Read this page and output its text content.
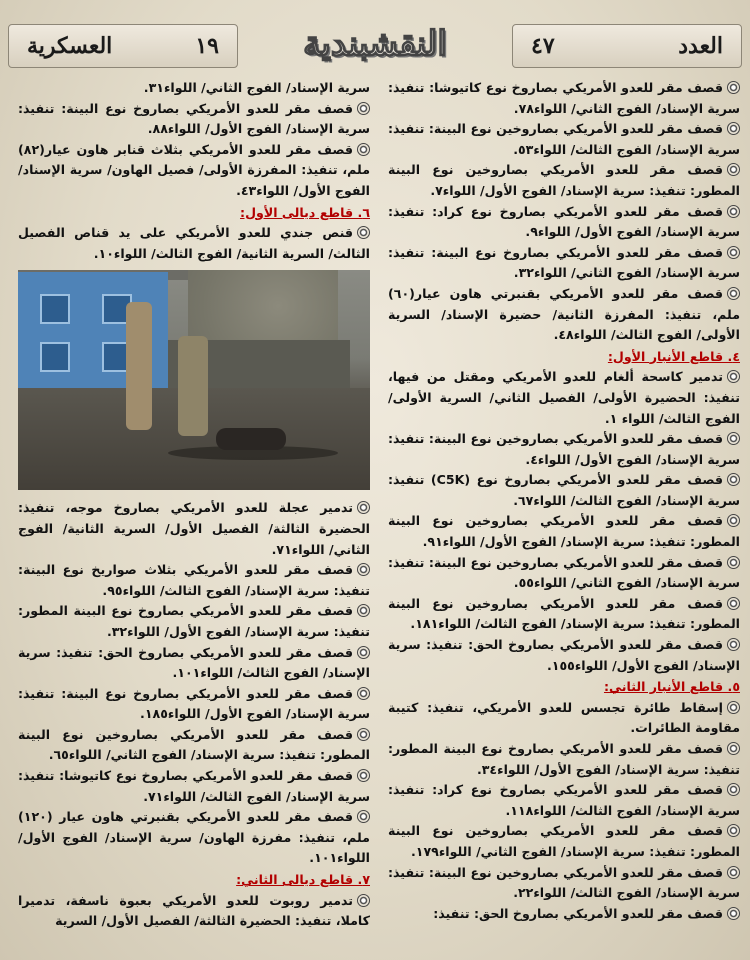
العسكرية	١٩ النقشبندية	٤٧	العدد
قصف مقر للعدو الأمريكي بصاروخ نوع كاتيوشا: تنفيذ: سرية الإسناد/ الفوج الثاني/ اللواء٧٨.
قصف مقر للعدو الأمريكي بصاروخين نوع البينة: تنفيذ: سرية الإسناد/ الفوج الثالث/ اللواء٥٣.
قصف مقر للعدو الأمريكي بصاروخين نوع البينة المطور: تنفيذ: سرية الإسناد/ الفوج الأول/ اللواء٧.
قصف مقر للعدو الأمريكي بصاروخ نوع كراد: تنفيذ: سرية الإسناد/ الفوج الأول/ اللواء٩.
قصف مقر للعدو الأمريكي بصاروخ نوع البينة: تنفيذ: سرية الإسناد/ الفوج الثاني/ اللواء٣٢.
قصف مقر للعدو الأمريكي بقنبرتي هاون عيار(٦٠) ملم، تنفيذ: المفرزة الثانية/ حضيرة الإسناد/ السرية الأولى/ الفوج الثالث/ اللواء٤٨.
٤. قاطع الأنبار الأول:
تدمير كاسحة ألغام للعدو الأمريكي ومقتل من فيها، تنفيذ: الحضيرة الأولى/ الفصيل الثاني/ السرية الأولى/ الفوج الثالث/ اللواء ١.
قصف مقر للعدو الأمريكي بصاروخين نوع البينة: تنفيذ: سرية الإسناد/ الفوج الأول/ اللواء٤.
قصف مقر للعدو الأمريكي بصاروخ نوع (C5K) تنفيذ: سرية الإسناد/ الفوج الثالث/ اللواء٦٧.
قصف مقر للعدو الأمريكي بصاروخين نوع البينة المطور: تنفيذ: سرية الإسناد/ الفوج الأول/ اللواء٩١.
قصف مقر للعدو الأمريكي بصاروخين نوع البينة: تنفيذ: سرية الإسناد/ الفوج الثاني/ اللواء٥٥.
قصف مقر للعدو الأمريكي بصاروخين نوع البينة المطور: تنفيذ: سرية الإسناد/ الفوج الثالث/ اللواء١٨١.
قصف مقر للعدو الأمريكي بصاروخ الحق: تنفيذ: سرية الإسناد/ الفوج الأول/ اللواء١٥٥.
٥. قاطع الأنبار الثاني:
إسقاط طائرة تجسس للعدو الأمريكي، تنفيذ: كتيبة مقاومة الطائرات.
قصف مقر للعدو الأمريكي بصاروخ نوع البينة المطور: تنفيذ: سرية الإسناد/ الفوج الأول/ اللواء٣٤.
قصف مقر للعدو الأمريكي بصاروخ نوع كراد: تنفيذ: سرية الإسناد/ الفوج الثالث/ اللواء١١٨.
قصف مقر للعدو الأمريكي بصاروخين نوع البينة المطور: تنفيذ: سرية الإسناد/ الفوج الثاني/ اللواء١٧٩.
قصف مقر للعدو الأمريكي بصاروخين نوع البينة: تنفيذ: سرية الإسناد/ الفوج الثالث/ اللواء٢٢.
قصف مقر للعدو الأمريكي بصاروخ الحق: تنفيذ:
سرية الإسناد/ الفوج الثاني/ اللواء٣١.
قصف مقر للعدو الأمريكي بصاروخ نوع البينة: تنفيذ: سرية الإسناد/ الفوج الأول/ اللواء٨٨.
قصف مقر للعدو الأمريكي بثلاث قنابر هاون عيار(٨٢) ملم، تنفيذ: المفرزة الأولى/ فصيل الهاون/ سرية الإسناد/ الفوج الأول/ اللواء٤٣.
٦. قاطع ديالى الأول:
قنص جندي للعدو الأمريكي على يد قناص الفصيل الثالث/ السرية الثانية/ الفوج الثالث/ اللواء١٠.
تدمير عجلة للعدو الأمريكي بصاروخ موجه، تنفيذ: الحضيرة الثالثة/ الفصيل الأول/ السرية الثانية/ الفوج الثاني/ اللواء٧١.
قصف مقر للعدو الأمريكي بثلاث صواريخ نوع البينة: تنفيذ: سرية الإسناد/ الفوج الثالث/ اللواء٩٥.
قصف مقر للعدو الأمريكي بصاروخ نوع البينة المطور: تنفيذ: سرية الإسناد/ الفوج الأول/ اللواء٣٢.
قصف مقر للعدو الأمريكي بصاروخ الحق: تنفيذ: سرية الإسناد/ الفوج الثالث/ اللواء١٠١.
قصف مقر للعدو الأمريكي بصاروخ نوع البينة: تنفيذ: سرية الإسناد/ الفوج الأول/ اللواء١٨٥.
قصف مقر للعدو الأمريكي بصاروخين نوع البينة المطور: تنفيذ: سرية الإسناد/ الفوج الثاني/ اللواء٦٥.
قصف مقر للعدو الأمريكي بصاروخ نوع كاتيوشا: تنفيذ: سرية الإسناد/ الفوج الثالث/ اللواء٧١.
قصف مقر للعدو الأمريكي بقنبرتي هاون عيار (١٢٠) ملم، تنفيذ: مفرزة الهاون/ سرية الإسناد/ الفوج الأول/ اللواء١٠١.
٧. قاطع ديالى الثاني:
تدمير روبوت للعدو الأمريكي بعبوة ناسفة، تدميرا كاملا، تنفيذ: الحضيرة الثالثة/ الفصيل الأول/ السرية
